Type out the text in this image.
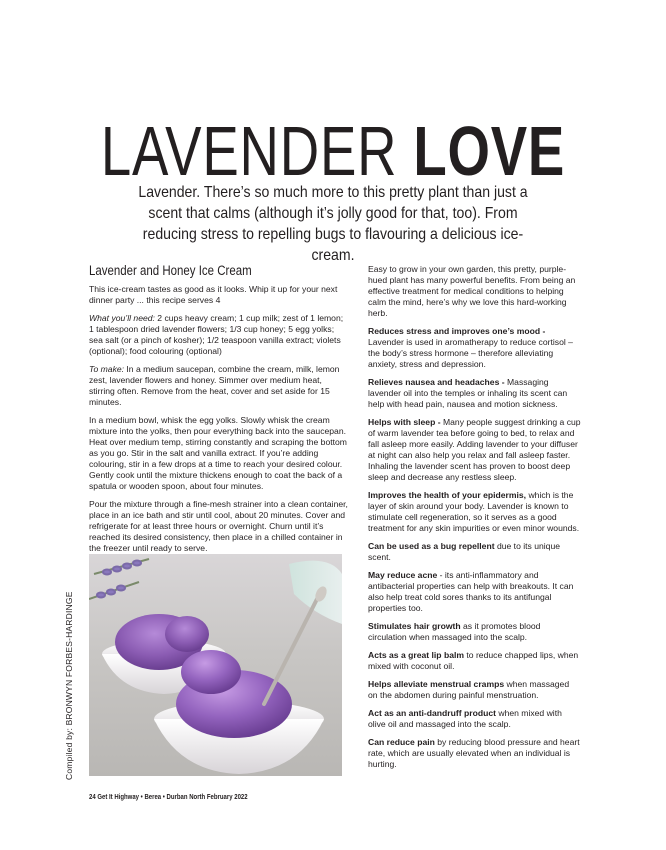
LAVENDER LOVE
Lavender. There’s so much more to this pretty plant than just a scent that calms (although it’s jolly good for that, too). From reducing stress to repelling bugs to flavouring a delicious ice-cream.
Lavender and Honey Ice Cream

This ice-cream tastes as good as it looks. Whip it up for your next dinner party ... this recipe serves 4

What you’ll need: 2 cups heavy cream; 1 cup milk; zest of 1 lemon; 1 tablespoon dried lavender flowers; 1/3 cup honey; 5 egg yolks; sea salt (or a pinch of kosher); 1/2 teaspoon vanilla extract; violets (optional); food colouring (optional)

To make: In a medium saucepan, combine the cream, milk, lemon zest, lavender flowers and honey. Simmer over medium heat, stirring often. Remove from the heat, cover and set aside for 15 minutes.

In a medium bowl, whisk the egg yolks. Slowly whisk the cream mixture into the yolks, then pour everything back into the saucepan. Heat over medium temp, stirring constantly and scraping the bottom as you go. Stir in the salt and vanilla extract. If you’re adding colouring, stir in a few drops at a time to reach your desired colour. Gently cook until the mixture thickens enough to coat the back of a spatula or wooden spoon, about four minutes.

Pour the mixture through a fine-mesh strainer into a clean container, place in an ice bath and stir until cool, about 20 minutes. Cover and refrigerate for at least three hours or overnight. Churn until it’s reached its desired consistency, then place in a chilled container in the freezer until ready to serve.

Easy to grow in your own garden, this pretty, purple-hued plant has many powerful benefits. From being an effective treatment for medical conditions to helping calm the mind, here’s why we love this hard-working herb.

Reduces stress and improves one’s mood - Lavender is used in aromatherapy to reduce cortisol – the body’s stress hormone – therefore alleviating anxiety, stress and depression.

Relieves nausea and headaches - Massaging lavender oil into the temples or inhaling its scent can help with head pain, nausea and motion sickness.

Helps with sleep - Many people suggest drinking a cup of warm lavender tea before going to bed, to relax and fall asleep more easily. Adding lavender to your diffuser at night can also help you relax and fall asleep faster. Inhaling the lavender scent has proven to boost deep sleep and decrease any restless sleep.

Improves the health of your epidermis, which is the layer of skin around your body. Lavender is known to stimulate cell regeneration, so it serves as a good treatment for any skin impurities or even minor wounds.

Can be used as a bug repellent due to its unique scent.

May reduce acne - its anti-inflammatory and antibacterial properties can help with breakouts. It can also help treat cold sores thanks to its antifungal properties too.

Stimulates hair growth as it promotes blood circulation when massaged into the scalp.

Acts as a great lip balm to reduce chapped lips, when mixed with coconut oil.

Helps alleviate menstrual cramps when massaged on the abdomen during painful menstruation.

Act as an anti-dandruff product when mixed with olive oil and massaged into the scalp.

Can reduce pain by reducing blood pressure and heart rate, which are usually elevated when an individual is hurting.

Compiled by: BRONWYN FORBES-HARDINGE
24 Get It Highway • Berea • Durban North February 2022
